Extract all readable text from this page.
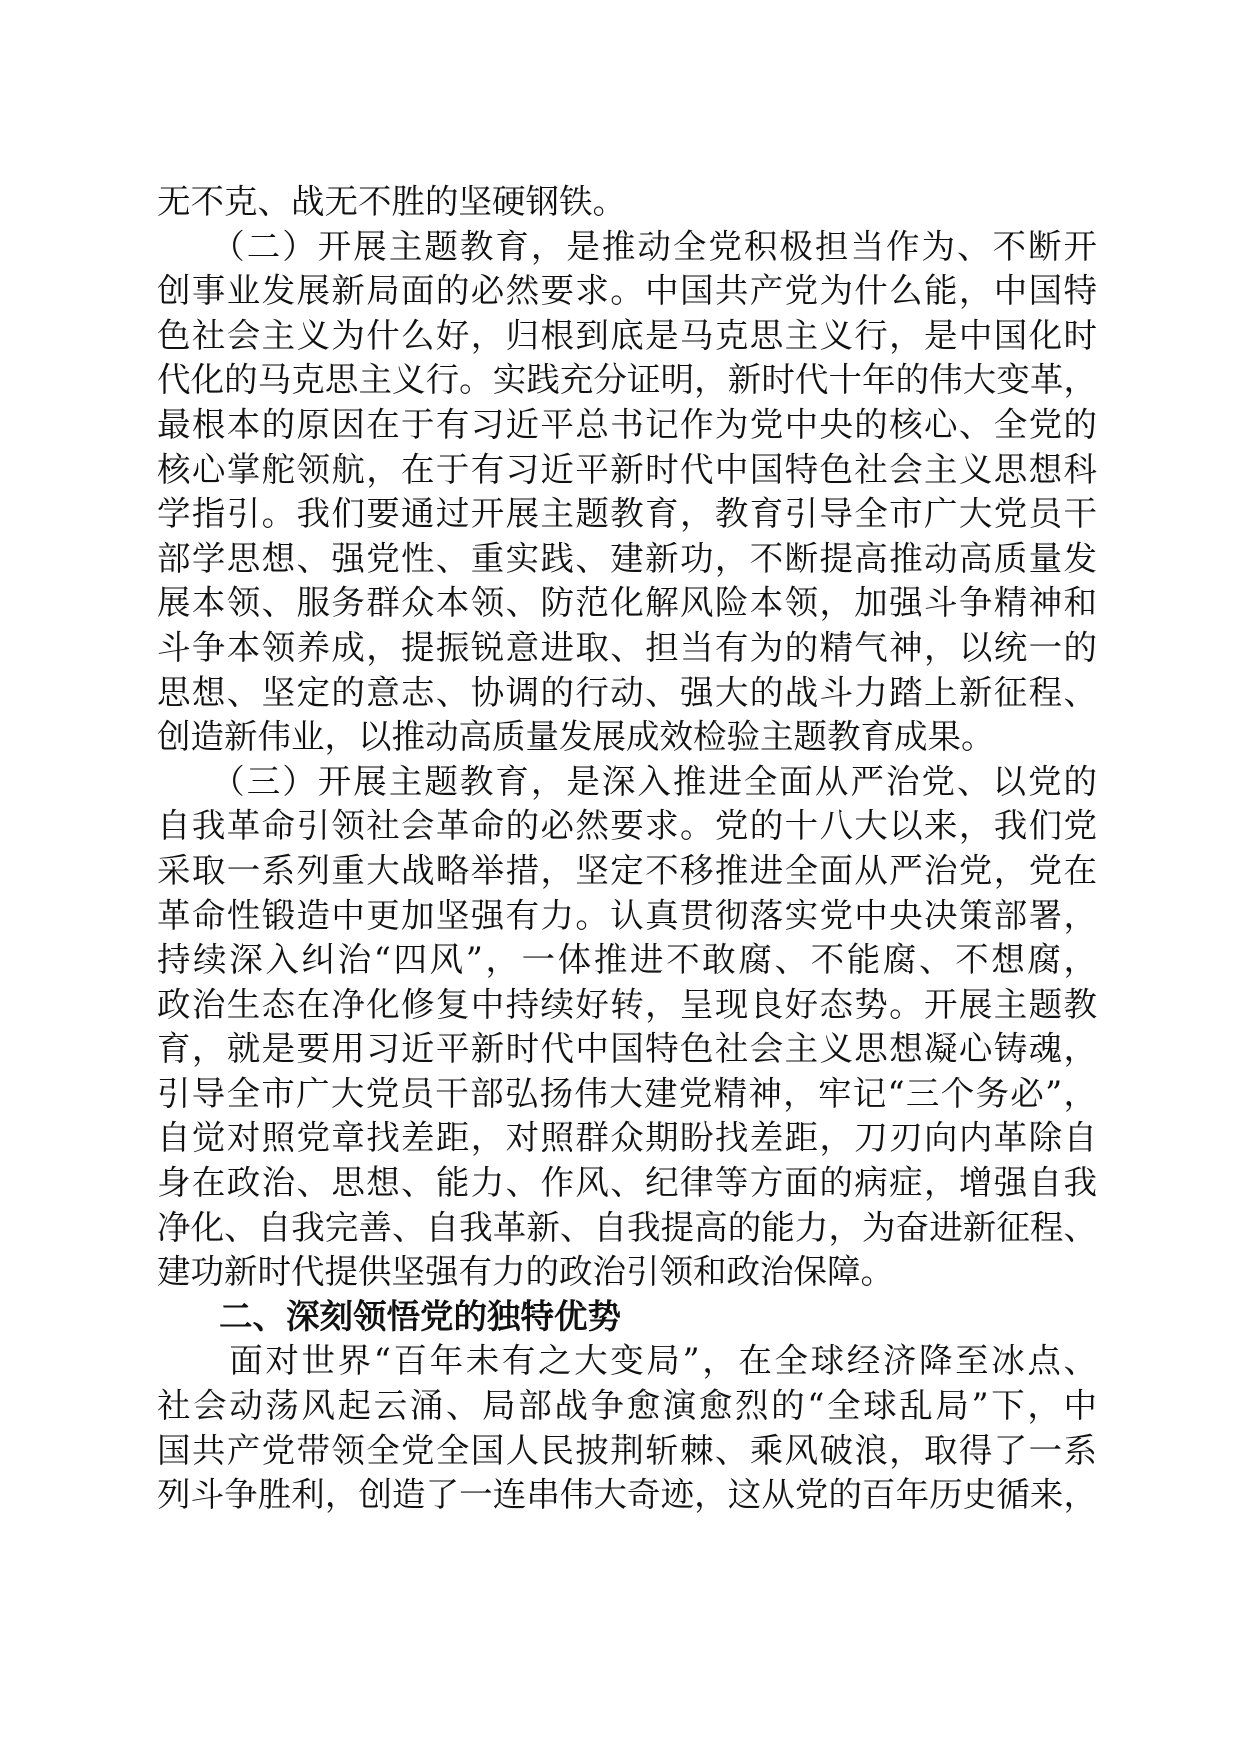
无不克、战无不胜的坚硬钢铁。
　　（二）开展主题教育，是推动全党积极担当作为、不断开
创事业发展新局面的必然要求。中国共产党为什么能，中国特
色社会主义为什么好，归根到底是马克思主义行，是中国化时
代化的马克思主义行。实践充分证明，新时代十年的伟大变革，
最根本的原因在于有习近平总书记作为党中央的核心、全党的
核心掌舵领航，在于有习近平新时代中国特色社会主义思想科
学指引。我们要通过开展主题教育，教育引导全市广大党员干
部学思想、强党性、重实践、建新功，不断提高推动高质量发
展本领、服务群众本领、防范化解风险本领，加强斗争精神和
斗争本领养成，提振锐意进取、担当有为的精气神，以统一的
思想、坚定的意志、协调的行动、强大的战斗力踏上新征程、
创造新伟业，以推动高质量发展成效检验主题教育成果。
　　（三）开展主题教育，是深入推进全面从严治党、以党的
自我革命引领社会革命的必然要求。党的十八大以来，我们党
采取一系列重大战略举措，坚定不移推进全面从严治党，党在
革命性锻造中更加坚强有力。认真贯彻落实党中央决策部署，
持续深入纠治“四风”，一体推进不敢腐、不能腐、不想腐，
政治生态在净化修复中持续好转，呈现良好态势。开展主题教
育，就是要用习近平新时代中国特色社会主义思想凝心铸魂，
引导全市广大党员干部弘扬伟大建党精神，牢记“三个务必”，
自觉对照党章找差距，对照群众期盼找差距，刀刃向内革除自
身在政治、思想、能力、作风、纪律等方面的病症，增强自我
净化、自我完善、自我革新、自我提高的能力，为奋进新征程、
建功新时代提供坚强有力的政治引领和政治保障。
二、深刻领悟党的独特优势
　　面对世界“百年未有之大变局”，在全球经济降至冰点、
社会动荡风起云涌、局部战争愈演愈烈的“全球乱局”下，中
国共产党带领全党全国人民披荆斩棘、乘风破浪，取得了一系
列斗争胜利，创造了一连串伟大奇迹，这从党的百年历史循来，
